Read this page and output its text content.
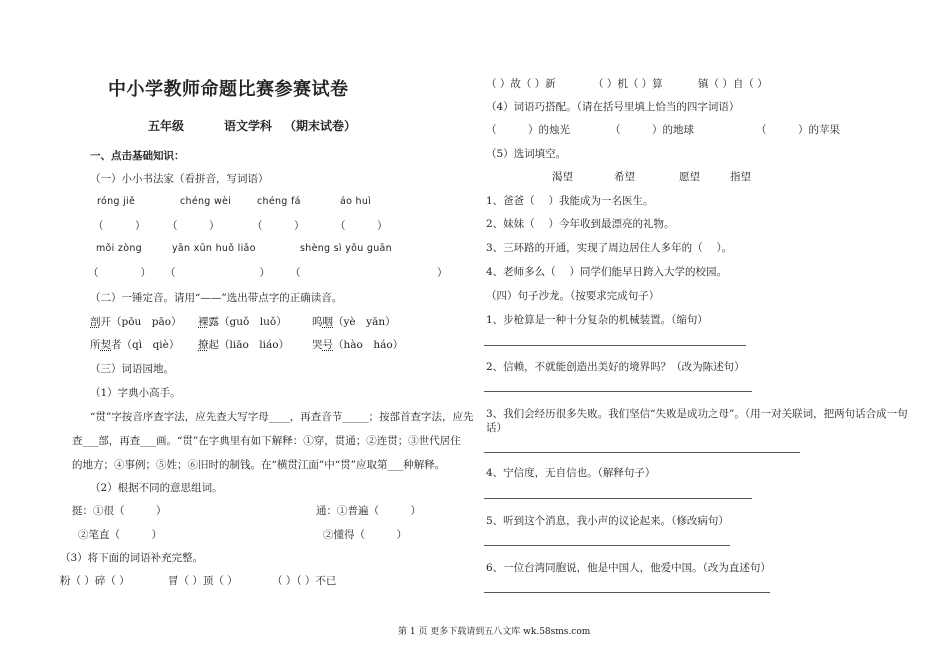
中小学教师命题比赛参赛试卷
五年级	语文学科 （期末试卷）
一、点击基础知识：
（一）小小书法家（看拼音，写词语）
róng jiě	chéng wèi	chéng fá	áo huì
（　　　） （　　　）	（　　　）	（　　　）
mǒi zòng	yān xūn huǒ liǎo	shèng sì yǒu guān
（　　　　） （　　　　　　　　） （　　　　　　　　　　　　　）
（二）一锤定音。请用“——”选出带点字的正确读音。
剖开（pōu　pāo） 裸露（guǒ　luǒ） 呜咽（yè　yān）
所契者（qì　qiè） 撩起（liāo　liáo） 哭号（hào　háo）
（三）词语园地。
（1）字典小高手。
“贯”字按音序查字法，应先查大写字母____，再查音节_____；按部首查字法，应先
查___部，再查___画。“贯”在字典里有如下解释：①穿，贯通；②连贯；③世代居住
的地方；④事例；⑤姓；⑥旧时的制钱。在“横贯江面”中“贯”应取第___种解释。
（2）根据不同的意思组词。
挺：①很（　　　）	通：①普遍（　　　）
②笔直（　　　）	②懂得（　　　）
（3）将下面的词语补充完整。
粉（ ）碎（ ）	冒（ ）顶（ ）	（ ）（ ）不已
（ ）故（ ）新	（ ）机（ ）算	镇（ ）自（ ）
（4）词语巧搭配。（请在括号里填上恰当的四字词语）
（　　　）的烛光	（　　　）的地球	（　　　）的苹果
（5）选词填空。
渴望	希望	愿望	指望
1、爸爸（　 ）我能成为一名医生。
2、妹妹（　 ）今年收到最漂亮的礼物。
3、三环路的开通，实现了周边居住人多年的（　 ）。
4、老师多么（　 ）同学们能早日跨入大学的校园。
（四）句子沙龙。（按要求完成句子）
1、步枪算是一种十分复杂的机械装置。（缩句）
2、信赖，不就能创造出美好的境界吗？（改为陈述句）
3、我们会经历很多失败。我们坚信“失败是成功之母”。（用一对关联词，把两句话合成一句
话）
4、宁信度，无自信也。（解释句子）
5、听到这个消息，我小声的议论起来。（修改病句）
6、一位台湾同胞说，他是中国人，他爱中国。（改为直述句）
第 1 页 更多下载请到五八文库 wk.58sms.com
